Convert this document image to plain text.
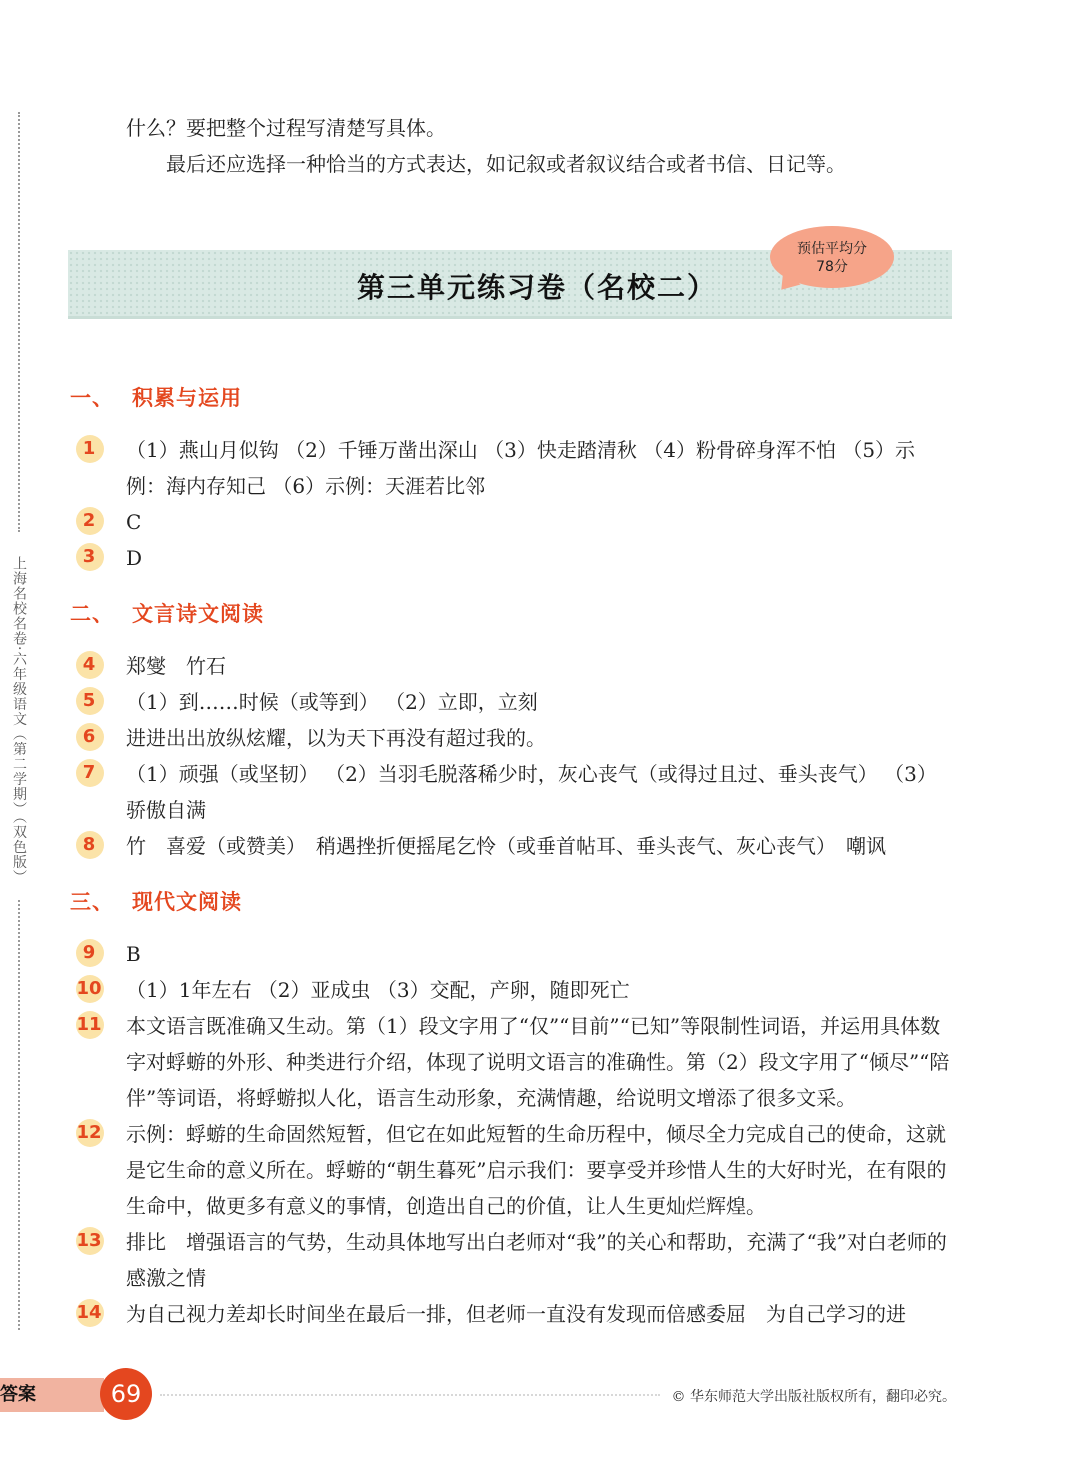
上海名校名卷·六年级语文（第二学期）（双色版）

什么？要把整个过程写清楚写具体。

最后还应选择一种恰当的方式表达，如记叙或者叙议结合或者书信、日记等。

第三单元练习卷（名校二）
预估平均分
78分
一、 积累与运用
1	（1）燕山月似钩 （2）千锤万凿出深山 （3）快走踏清秋 （4）粉骨碎身浑不怕 （5）示例：海内存知己 （6）示例：天涯若比邻

2	C

3	D

二、 文言诗文阅读
4	郑燮　竹石

5	（1）到……时候（或等到） （2）立即，立刻

6	进进出出放纵炫耀，以为天下再没有超过我的。

7	（1）顽强（或坚韧） （2）当羽毛脱落稀少时，灰心丧气（或得过且过、垂头丧气） （3）骄傲自满

8	竹　喜爱（或赞美）　稍遇挫折便摇尾乞怜（或垂首帖耳、垂头丧气、灰心丧气）　嘲讽

三、 现代文阅读
9	B

10 （1）1年左右 （2）亚成虫 （3）交配，产卵，随即死亡

11 本文语言既准确又生动。第（1）段文字用了“仅”“目前”“已知”等限制性词语，并运用具体数字对蜉蝣的外形、种类进行介绍，体现了说明文语言的准确性。第（2）段文字用了“倾尽”“陪伴”等词语，将蜉蝣拟人化，语言生动形象，充满情趣，给说明文增添了很多文采。

12 示例：蜉蝣的生命固然短暂，但它在如此短暂的生命历程中，倾尽全力完成自己的使命，这就是它生命的意义所在。蜉蝣的“朝生暮死”启示我们：要享受并珍惜人生的大好时光，在有限的生命中，做更多有意义的事情，创造出自己的价值，让人生更灿烂辉煌。

13 排比　增强语言的气势，生动具体地写出白老师对“我”的关心和帮助，充满了“我”对白老师的感激之情

14 为自己视力差却长时间坐在最后一排，但老师一直没有发现而倍感委屈　为自己学习的进

答案	69	© 华东师范大学出版社版权所有，翻印必究。
